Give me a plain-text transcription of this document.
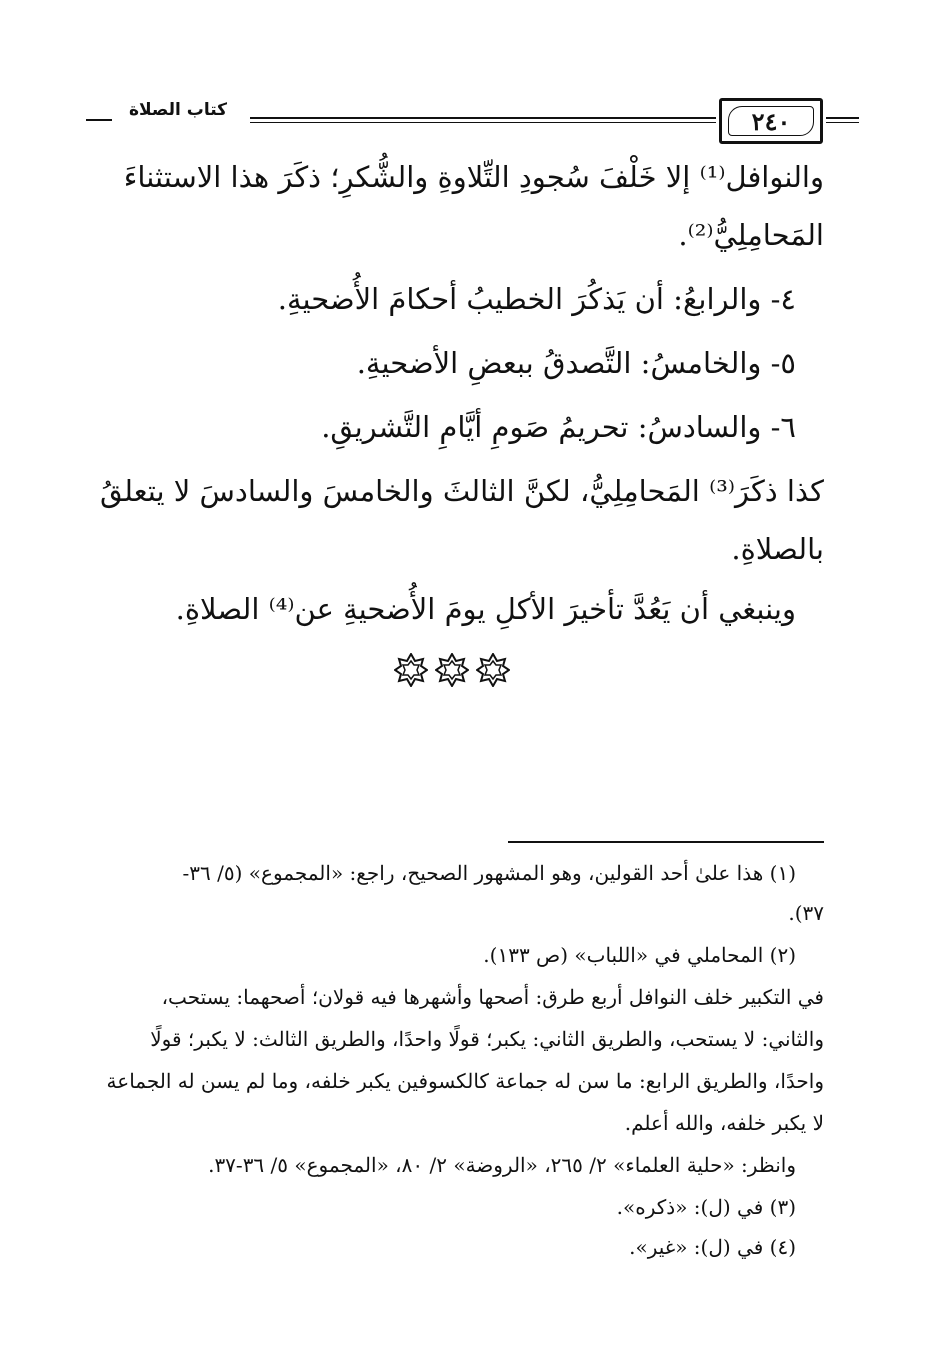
٢٤٠
كتاب الصلاة

والنوافل⁽¹⁾ إلا خَلْفَ سُجودِ التِّلاوةِ والشُّكرِ؛ ذكَرَ هذا الاستثناءَ

المَحامِلِيُّ⁽²⁾.

٤- والرابعُ: أن يَذكُرَ الخطيبُ أحكامَ الأُضحيةِ.

٥- والخامسُ: التَّصدقُ ببعضِ الأضحيةِ.

٦- والسادسُ: تحريمُ صَومِ أيَّامِ التَّشريقِ.

كذا ذكَرَ⁽³⁾ المَحامِلِيُّ، لكنَّ الثالثَ والخامسَ والسادسَ لا يتعلقُ

بالصلاةِ.

وينبغي أن يَعُدَّ تأخيرَ الأكلِ يومَ الأُضحيةِ عن⁽⁴⁾ الصلاةِ.

(١) هذا علىٰ أحد القولين، وهو المشهور الصحيح، راجع: «المجموع» (٥/ ٣٦-

٣٧).

(٢) المحاملي في «اللباب» (ص ١٣٣).

في التكبير خلف النوافل أربع طرق: أصحها وأشهرها فيه قولان؛ أصحهما: يستحب،

والثاني: لا يستحب، والطريق الثاني: يكبر؛ قولًا واحدًا، والطريق الثالث: لا يكبر؛ قولًا

واحدًا، والطريق الرابع: ما سن له جماعة كالكسوفين يكبر خلفه، وما لم يسن له الجماعة

لا يكبر خلفه، والله أعلم.

وانظر: «حلية العلماء» ٢/ ٢٦٥، «الروضة» ٢/ ٨٠، «المجموع» ٥/ ٣٦-٣٧.

(٣) في (ل): «ذكره».

(٤) في (ل): «غير».
